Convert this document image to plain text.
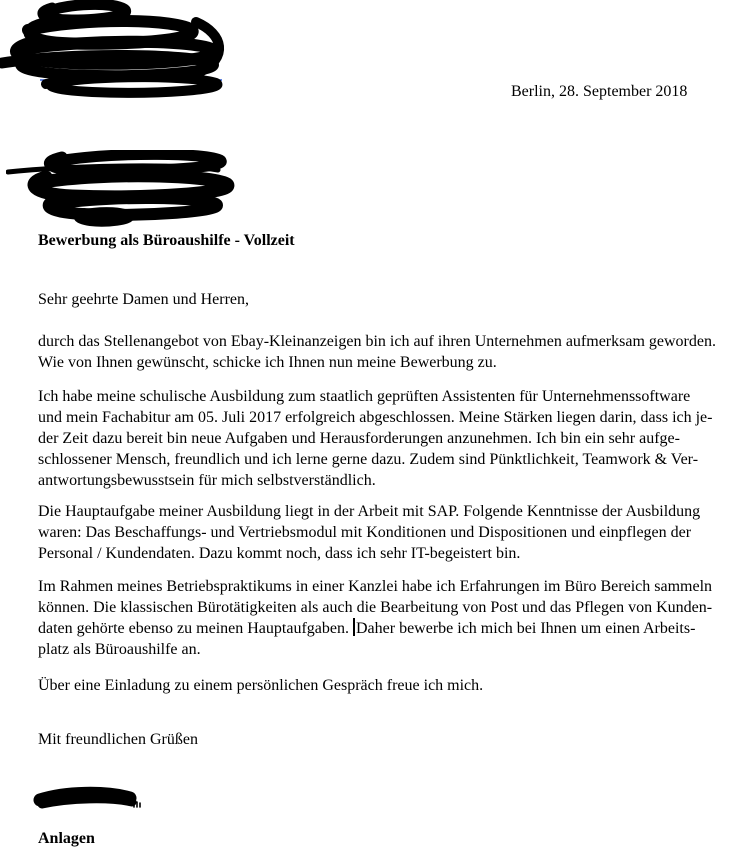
Berlin, 28. September 2018
Bewerbung als Büroaushilfe - Vollzeit
Sehr geehrte Damen und Herren,
durch das Stellenangebot von Ebay-Kleinanzeigen bin ich auf ihren Unternehmen aufmerksam geworden.
Wie von Ihnen gewünscht, schicke ich Ihnen nun meine Bewerbung zu.
Ich habe meine schulische Ausbildung zum staatlich geprüften Assistenten für Unternehmenssoftware
und mein Fachabitur am 05. Juli 2017 erfolgreich abgeschlossen. Meine Stärken liegen darin, dass ich je-
der Zeit dazu bereit bin neue Aufgaben und Herausforderungen anzunehmen. Ich bin ein sehr aufge-
schlossener Mensch, freundlich und ich lerne gerne dazu. Zudem sind Pünktlichkeit, Teamwork & Ver-
antwortungsbewusstsein für mich selbstverständlich.
Die Hauptaufgabe meiner Ausbildung liegt in der Arbeit mit SAP. Folgende Kenntnisse der Ausbildung
waren: Das Beschaffungs- und Vertriebsmodul mit Konditionen und Dispositionen und einpflegen der
Personal / Kundendaten. Dazu kommt noch, dass ich sehr IT-begeistert bin.
Im Rahmen meines Betriebspraktikums in einer Kanzlei habe ich Erfahrungen im Büro Bereich sammeln
können. Die klassischen Bürotätigkeiten als auch die Bearbeitung von Post und das Pflegen von Kunden-
daten gehörte ebenso zu meinen Hauptaufgaben. Daher bewerbe ich mich bei Ihnen um einen Arbeits-
platz als Büroaushilfe an.
Über eine Einladung zu einem persönlichen Gespräch freue ich mich.
Mit freundlichen Grüßen
Anlagen
